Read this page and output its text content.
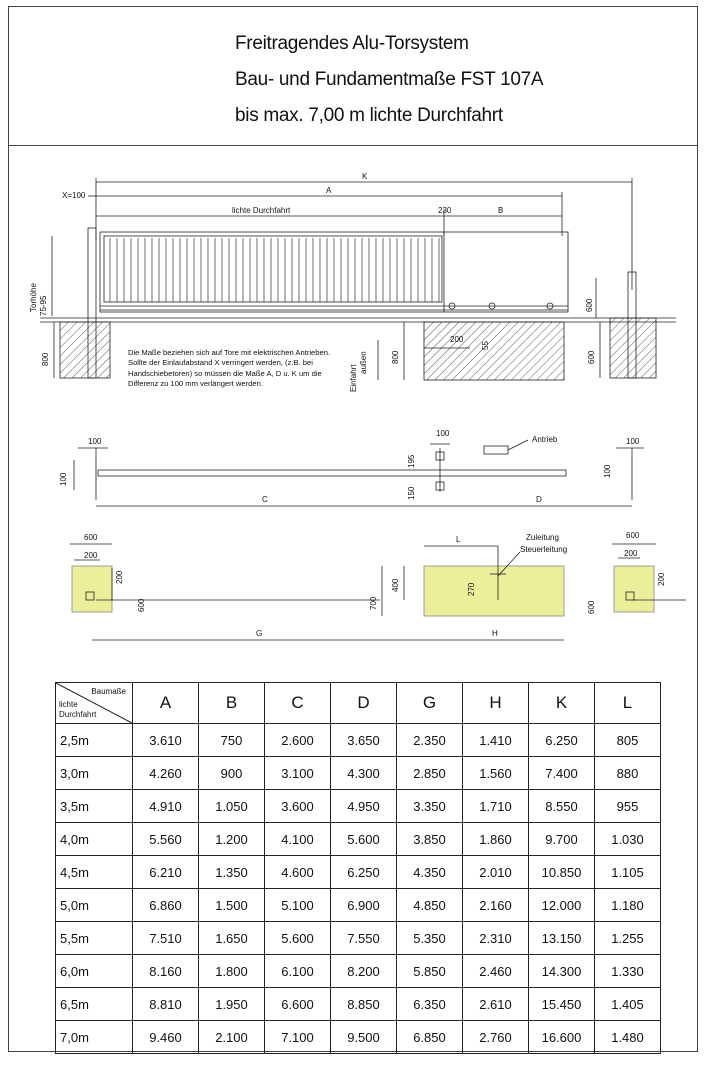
Freitragendes Alu-Torsystem
Bau- und Fundamentmaße FST 107A
bis max. 7,00 m lichte Durchfahrt
K
A
X=100
lichte Durchfahrt	230	B
Torhöhe 75-95
800
200
55
Einfahrt
außen	800
600
600
100
100
100
195
150
Antrieb	100
100
C	D
600
200
200
600
L	Zuleitung
Steuerleitung
700
400	270
600
200
200
600
G	H
Die Maße beziehen sich auf Tore mit elektrischen Antrieben. Sollte der Einlaufabstand X verringert werden, (z.B. bei Handschiebetoren) so müssen die Maße A, D u. K um die Differenz zu 100 mm verlängert werden.
Baumaße
lichte
Durchfahrt	A	B	C	D	G	H	K	L
2,5m	3.610	750	2.600	3.650	2.350	1.410	6.250	805
3,0m	4.260	900	3.100	4.300	2.850	1.560	7.400	880
3,5m	4.910	1.050	3.600	4.950	3.350	1.710	8.550	955
4,0m	5.560	1.200	4.100	5.600	3.850	1.860	9.700	1.030
4,5m	6.210	1.350	4.600	6.250	4.350	2.010	10.850	1.105
5,0m	6.860	1.500	5.100	6.900	4.850	2.160	12.000	1.180
5,5m	7.510	1.650	5.600	7.550	5.350	2.310	13.150	1.255
6,0m	8.160	1.800	6.100	8.200	5.850	2.460	14.300	1.330
6,5m	8.810	1.950	6.600	8.850	6.350	2.610	15.450	1.405
7,0m	9.460	2.100	7.100	9.500	6.850	2.760	16.600	1.480
